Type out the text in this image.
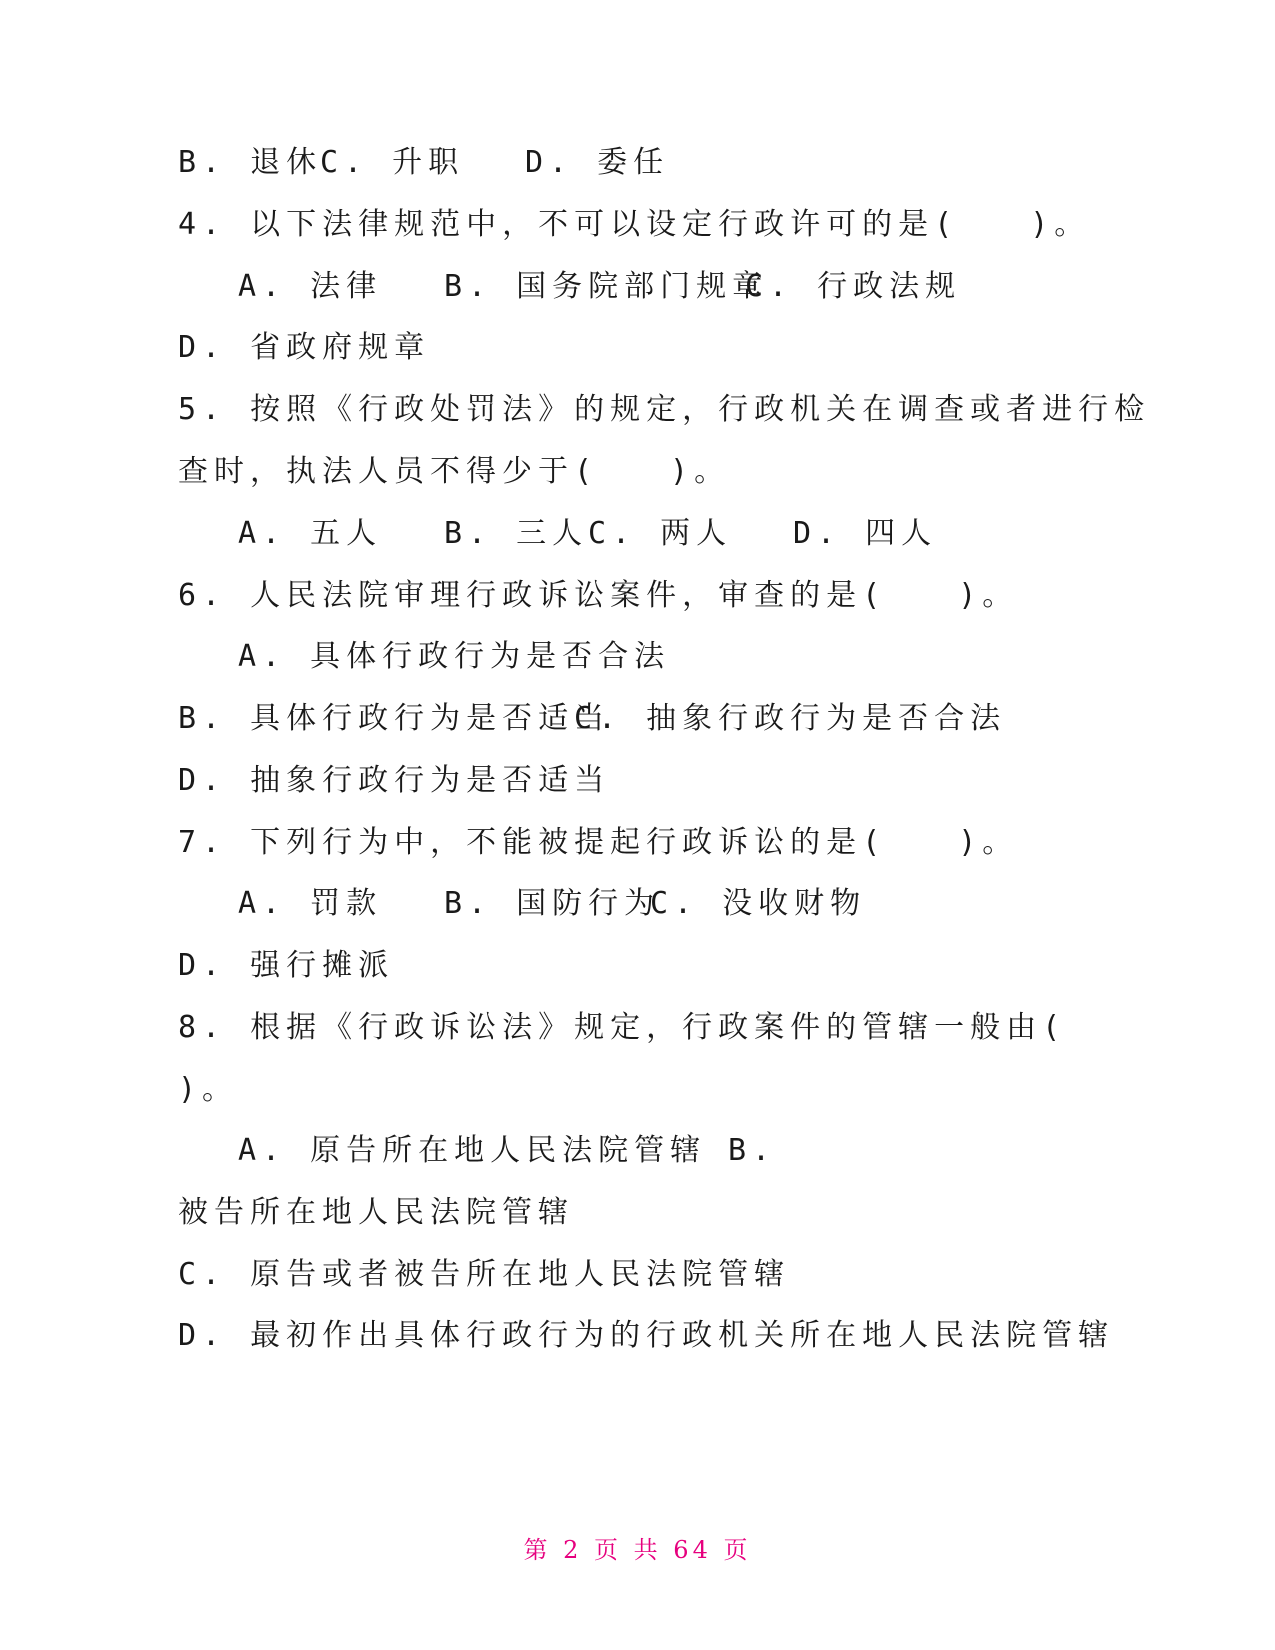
B. 退休

C. 升职

D. 委任

4. 以下法律规范中，不可以设定行政许可的是(　　)。

A. 法律

B. 国务院部门规章

C. 行政法规

D. 省政府规章

5. 按照《行政处罚法》的规定，行政机关在调查或者进行检

查时，执法人员不得少于(　　)。

A. 五人

B. 三人

C. 两人

D. 四人

6. 人民法院审理行政诉讼案件，审查的是(　　)。

A. 具体行政行为是否合法

B. 具体行政行为是否适当

C. 抽象行政行为是否合法

D. 抽象行政行为是否适当

7. 下列行为中，不能被提起行政诉讼的是(　　)。

A. 罚款

B. 国防行为

C. 没收财物

D. 强行摊派

8. 根据《行政诉讼法》规定，行政案件的管辖一般由(

)。

A. 原告所在地人民法院管辖

B.

被告所在地人民法院管辖

C. 原告或者被告所在地人民法院管辖

D. 最初作出具体行政行为的行政机关所在地人民法院管辖

第 2 页 共 64 页
